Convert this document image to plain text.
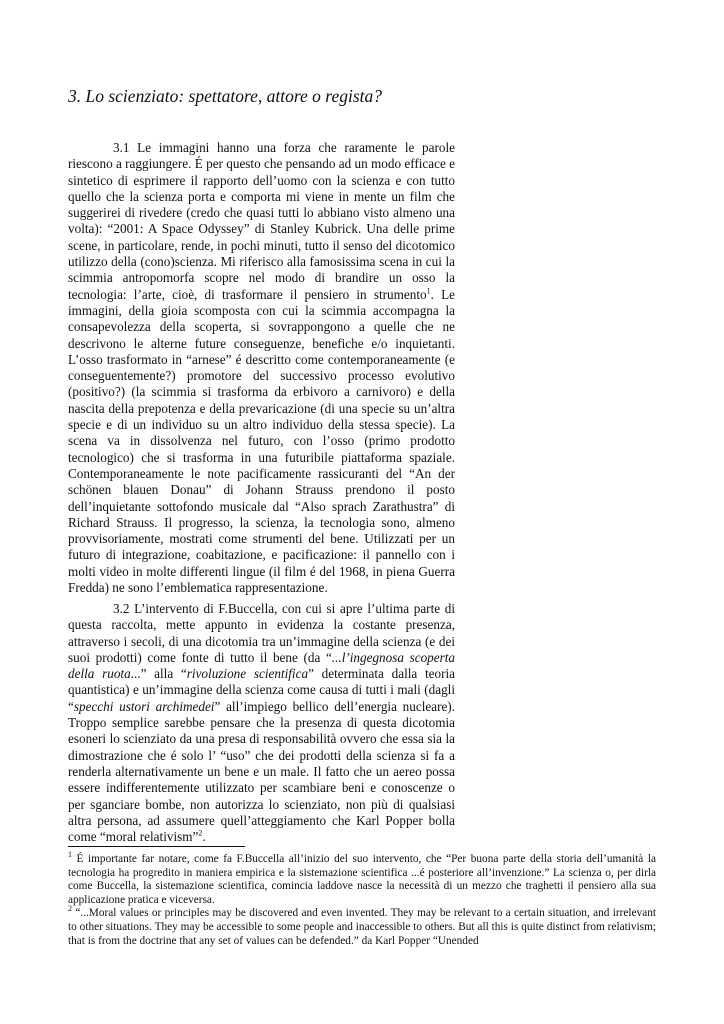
3. Lo scienziato: spettatore, attore o regista?
3.1 Le immagini hanno una forza che raramente le parole riescono a raggiungere. É per questo che pensando ad un modo efficace e sintetico di esprimere il rapporto dell’uomo con la scienza e con tutto quello che la scienza porta e comporta mi viene in mente un film che suggerirei di rivedere (credo che quasi tutti lo abbiano visto almeno una volta): “2001: A Space Odyssey” di Stanley Kubrick. Una delle prime scene, in particolare, rende, in pochi minuti, tutto il senso del dicotomico utilizzo della (cono)scienza. Mi riferisco alla famosissima scena in cui la scimmia antropomorfa scopre nel modo di brandire un osso la tecnologia: l’arte, cioè, di trasformare il pensiero in strumento$^1$. Le immagini, della gioia scomposta con cui la scimmia accompagna la consapevolezza della scoperta, si sovrappongono a quelle che ne descrivono le alterne future conseguenze, benefiche e/o inquietanti. L’osso trasformato in “arnese” é descritto come contemporaneamente (e conseguentemente?) promotore del successivo processo evolutivo (positivo?) (la scimmia si trasforma da erbivoro a carnivoro) e della nascita della prepotenza e della prevaricazione (di una specie su un’altra specie e di un individuo su un altro individuo della stessa specie). La scena va in dissolvenza nel futuro, con l’osso (primo prodotto tecnologico) che si trasforma in una futuribile piattaforma spaziale. Contemporaneamente le note pacificamente rassicuranti del “An der schönen blauen Donau” di Johann Strauss prendono il posto dell’inquietante sottofondo musicale dal “Also sprach Zarathustra” di Richard Strauss. Il progresso, la scienza, la tecnologia sono, almeno provvisoriamente, mostrati come strumenti del bene. Utilizzati per un futuro di integrazione, coabitazione, e pacificazione: il pannello con i molti video in molte differenti lingue (il film é del 1968, in piena Guerra Fredda) ne sono l’emblematica rappresentazione.
3.2 L’intervento di F.Buccella, con cui si apre l’ultima parte di questa raccolta, mette appunto in evidenza la costante presenza, attraverso i secoli, di una dicotomia tra un’immagine della scienza (e dei suoi prodotti) come fonte di tutto il bene (da “...l’ingegnosa scoperta della ruota...” alla “rivoluzione scientifica” determinata dalla teoria quantistica) e un’immagine della scienza come causa di tutti i mali (dagli “specchi ustori archimedei” all’impiego bellico dell’energia nucleare). Troppo semplice sarebbe pensare che la presenza di questa dicotomia esoneri lo scienziato da una presa di responsabilità ovvero che essa sia la dimostrazione che é solo l’ “uso” che dei prodotti della scienza si fa a renderla alternativamente un bene e un male. Il fatto che un aereo possa essere indifferentemente utilizzato per scambiare beni e conoscenze o per sganciare bombe, non autorizza lo scienziato, non più di qualsiasi altra persona, ad assumere quell’atteggiamento che Karl Popper bolla come “moral relativism”$^2$.

$^1$ É importante far notare, come fa F.Buccella all’inizio del suo intervento, che “Per buona parte della storia dell’umanità la tecnologia ha progredito in maniera empirica e la sistemazione scientifica ...é posteriore all’invenzione.” La scienza o, per dirla come Buccella, la sistemazione scientifica, comincia laddove nasce la necessità di un mezzo che traghetti il pensiero alla sua applicazione pratica e viceversa.

$^2$ “...Moral values or principles may be discovered and even invented. They may be relevant to a certain situation, and irrelevant to other situations. They may be accessible to some people and inaccessible to others. But all this is quite distinct from relativism; that is from the doctrine that any set of values can be defended.” da Karl Popper “Unended
